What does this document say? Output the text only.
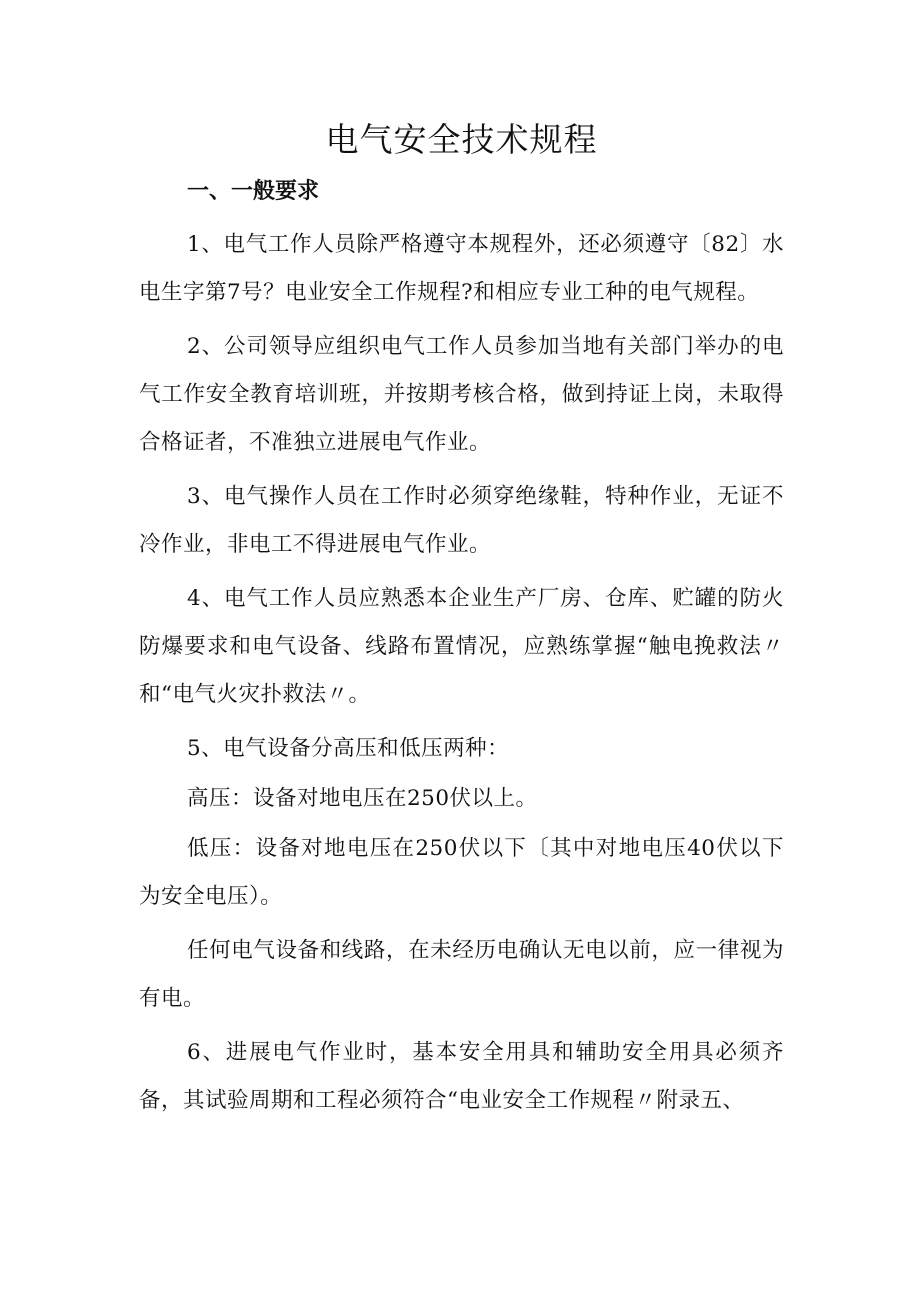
电气安全技术规程
一、一般要求

1、电气工作人员除严格遵守本规程外，还必须遵守〔82〕水电生字第7号？电业安全工作规程?和相应专业工种的电气规程。

2、公司领导应组织电气工作人员参加当地有关部门举办的电气工作安全教育培训班，并按期考核合格，做到持证上岗，未取得合格证者，不准独立进展电气作业。

3、电气操作人员在工作时必须穿绝缘鞋，特种作业，无证不冷作业，非电工不得进展电气作业。

4、电气工作人员应熟悉本企业生产厂房、仓库、贮罐的防火防爆要求和电气设备、线路布置情况，应熟练掌握“触电挽救法〃和“电气火灾扑救法〃。

5、电气设备分高压和低压两种：

高压：设备对地电压在250伏以上。

低压：设备对地电压在250伏以下〔其中对地电压40伏以下为安全电压）。

任何电气设备和线路，在未经历电确认无电以前，应一律视为有电。

6、进展电气作业时，基本安全用具和辅助安全用具必须齐备，其试验周期和工程必须符合“电业安全工作规程〃附录五、
